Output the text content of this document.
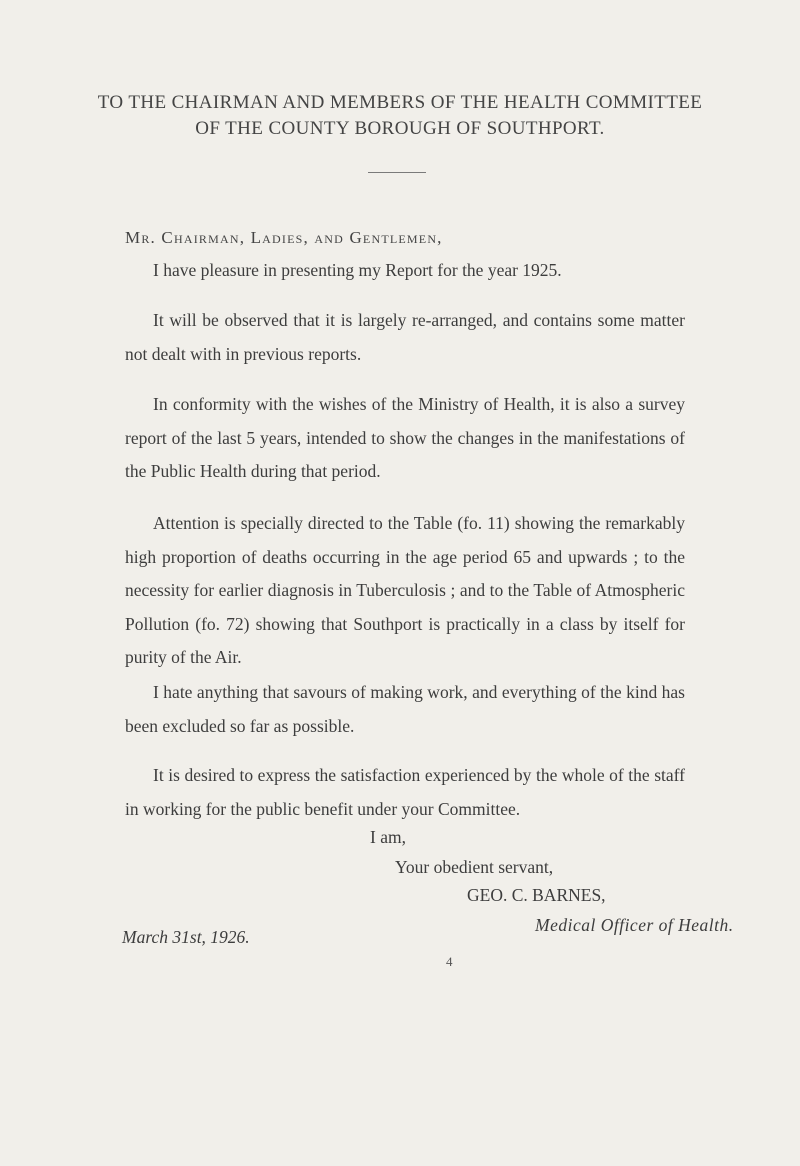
TO THE CHAIRMAN AND MEMBERS OF THE HEALTH COMMITTEE
OF THE COUNTY BOROUGH OF SOUTHPORT.

Mr. Chairman, Ladies, and Gentlemen,

I have pleasure in presenting my Report for the year 1925.

It will be observed that it is largely re-arranged, and contains some matter not dealt with in previous reports.

In conformity with the wishes of the Ministry of Health, it is also a survey report of the last 5 years, intended to show the changes in the manifestations of the Public Health during that period.

Attention is specially directed to the Table (fo. 11) showing the remarkably high proportion of deaths occurring in the age period 65 and upwards ; to the necessity for earlier diagnosis in Tuberculosis ; and to the Table of Atmospheric Pollution (fo. 72) showing that Southport is practically in a class by itself for purity of the Air.

I hate anything that savours of making work, and everything of the kind has been excluded so far as possible.

It is desired to express the satisfaction experienced by the whole of the staff in working for the public benefit under your Committee.

I am,

Your obedient servant,

GEO. C. BARNES,

Medical Officer of Health.

March 31st, 1926.

4
